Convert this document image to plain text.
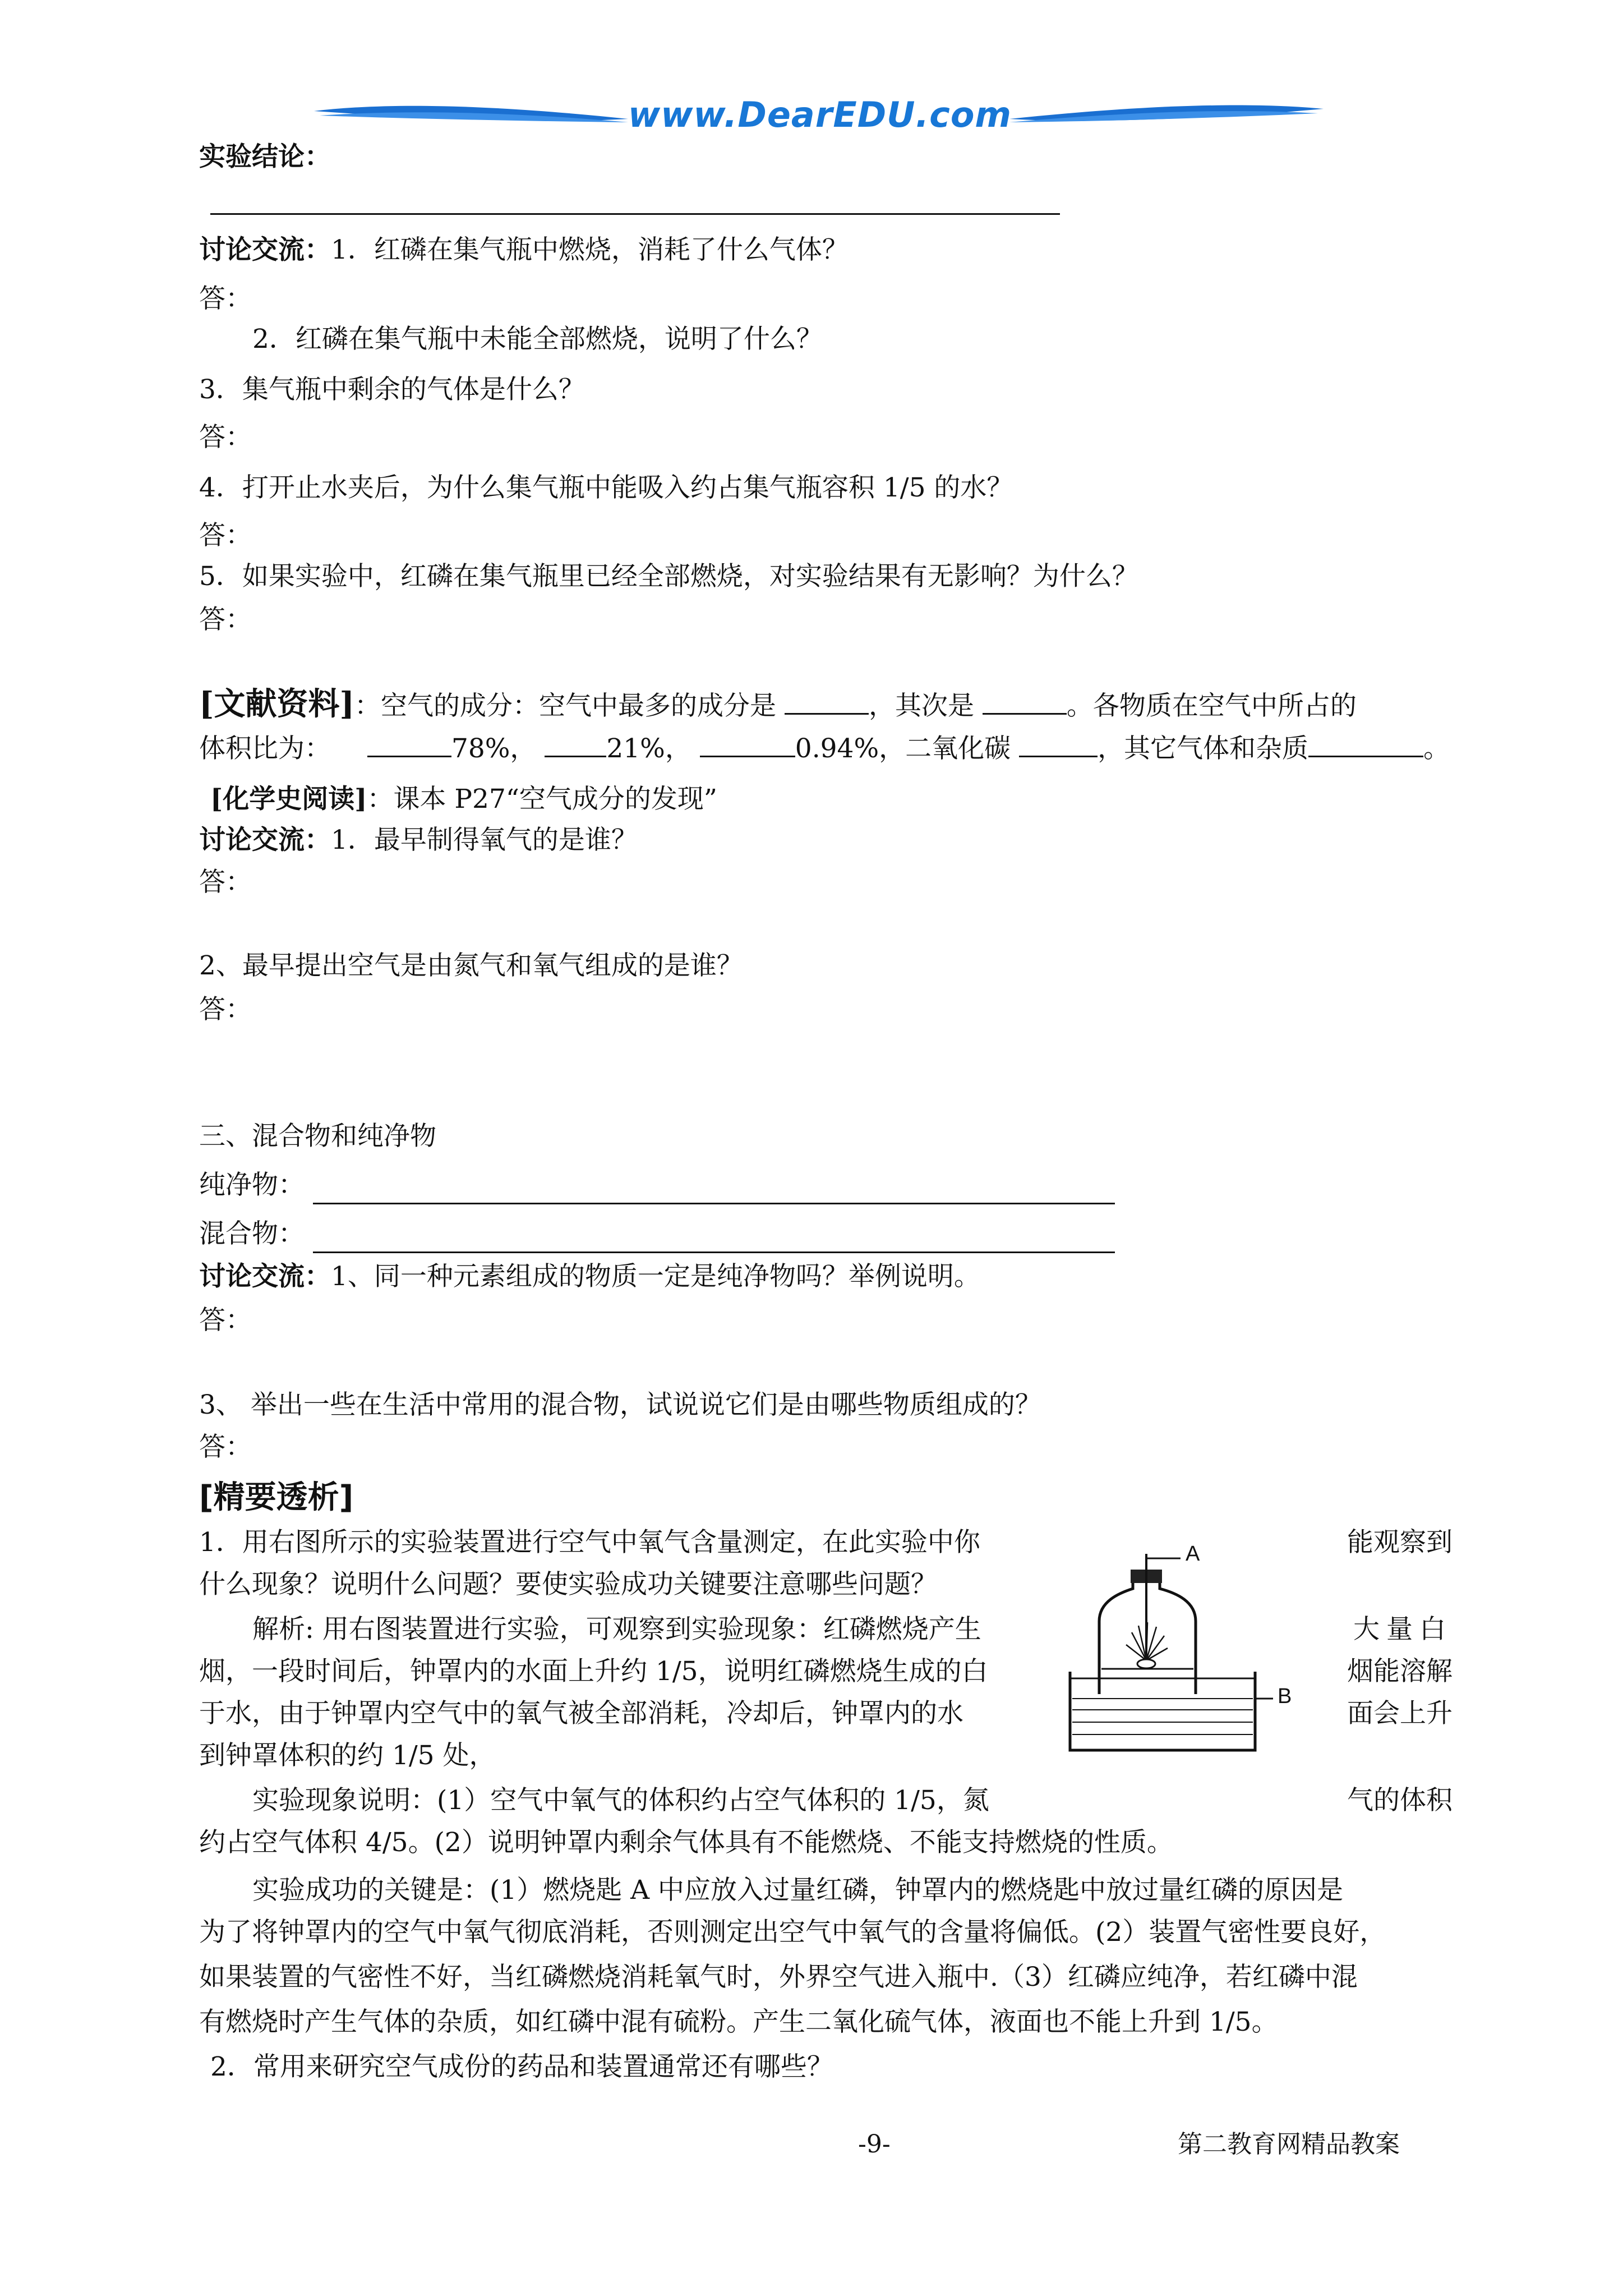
www.DearEDU.com
实验结论：
讨论交流：1．红磷在集气瓶中燃烧，消耗了什么气体？
答：
2．红磷在集气瓶中未能全部燃烧，说明了什么？
3．集气瓶中剩余的气体是什么？
答：
4．打开止水夹后，为什么集气瓶中能吸入约占集气瓶容积 1/5 的水？
答：
5．如果实验中，红磷在集气瓶里已经全部燃烧，对实验结果有无影响？为什么？
答：
[文献资料]：空气的成分：空气中最多的成分是	，其次是	。各物质在空气中所占的
体积比为：	78%，	21%，	0.94%，二氧化碳	，其它气体和杂质	。
[化学史阅读]：课本 P27“空气成分的发现”
讨论交流：1．最早制得氧气的是谁？
答：
2、最早提出空气是由氮气和氧气组成的是谁？
答：
三、混合物和纯净物
纯净物：
混合物：
讨论交流：1、同一种元素组成的物质一定是纯净物吗？举例说明。
答：
3、 举出一些在生活中常用的混合物，试说说它们是由哪些物质组成的？
答：
[精要透析]
1．用右图所示的实验装置进行空气中氧气含量测定，在此实验中你	能观察到
什么现象？说明什么问题？要使实验成功关键要注意哪些问题？
解析: 用右图装置进行实验，可观察到实验现象：红磷燃烧产生	大量白
烟，一段时间后，钟罩内的水面上升约 1/5，说明红磷燃烧生成的白	烟能溶解
于水，由于钟罩内空气中的氧气被全部消耗，冷却后，钟罩内的水	面会上升
到钟罩体积的约 1/5 处，
实验现象说明：(1）空气中氧气的体积约占空气体积的 1/5，氮	气的体积
约占空气体积 4/5。(2）说明钟罩内剩余气体具有不能燃烧、不能支持燃烧的性质。
实验成功的关键是：(1）燃烧匙 A 中应放入过量红磷，钟罩内的燃烧匙中放过量红磷的原因是
为了将钟罩内的空气中氧气彻底消耗，否则测定出空气中氧气的含量将偏低。(2）装置气密性要良好，
如果装置的气密性不好，当红磷燃烧消耗氧气时，外界空气进入瓶中.（3）红磷应纯净，若红磷中混
有燃烧时产生气体的杂质，如红磷中混有硫粉。产生二氧化硫气体，液面也不能上升到 1/5。
2．常用来研究空气成份的药品和装置通常还有哪些？
A
B
-9-	第二教育网精品教案
